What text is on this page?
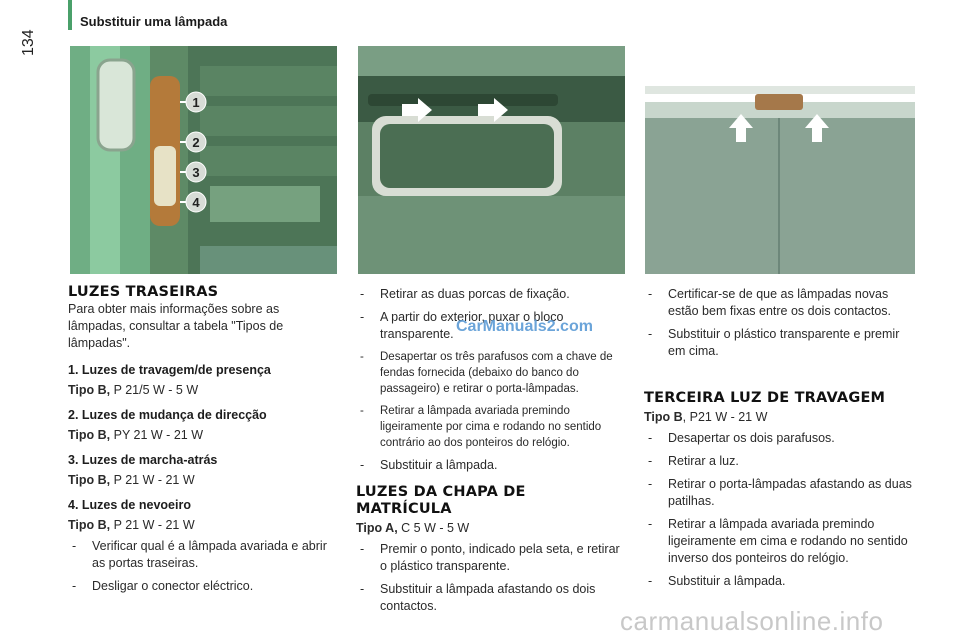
Substituir uma lâmpada
134
1
2
3
4
LUZES TRASEIRAS

Para obter mais informações sobre as lâmpadas, consultar a tabela "Tipos de lâmpadas".

1. Luzes de travagem/de presença
Tipo B, P 21/5 W - 5 W
2. Luzes de mudança de direcção
Tipo B, PY 21 W - 21 W
3. Luzes de marcha-atrás
Tipo B, P 21 W - 21 W
4. Luzes de nevoeiro
Tipo B, P 21 W - 21 W
- Verificar qual é a lâmpada avariada e abrir as portas traseiras.
- Desligar o conector eléctrico.
- Retirar as duas porcas de fixação.
- A partir do exterior, puxar o bloco transparente.
- Desapertar os três parafusos com a chave de fendas fornecida (debaixo do banco do passageiro) e retirar o porta-lâmpadas.
- Retirar a lâmpada avariada premindo ligeiramente por cima e rodando no sentido contrário ao dos ponteiros do relógio.
- Substituir a lâmpada.
LUZES DA CHAPA DE MATRÍCULA
Tipo A, C 5 W - 5 W
- Premir o ponto, indicado pela seta, e retirar o plástico transparente.
- Substituir a lâmpada afastando os dois contactos.
- Certificar-se de que as lâmpadas novas estão bem fixas entre os dois contactos.
- Substituir o plástico transparente e premir em cima.
TERCEIRA LUZ DE TRAVAGEM
Tipo B, P21 W - 21 W
- Desapertar os dois parafusos.
- Retirar a luz.
- Retirar o porta-lâmpadas afastando as duas patilhas.
- Retirar a lâmpada avariada premindo ligeiramente em cima e rodando no sentido inverso dos ponteiros do relógio.
- Substituir a lâmpada.
CarManuals2.com
carmanualsonline.info
